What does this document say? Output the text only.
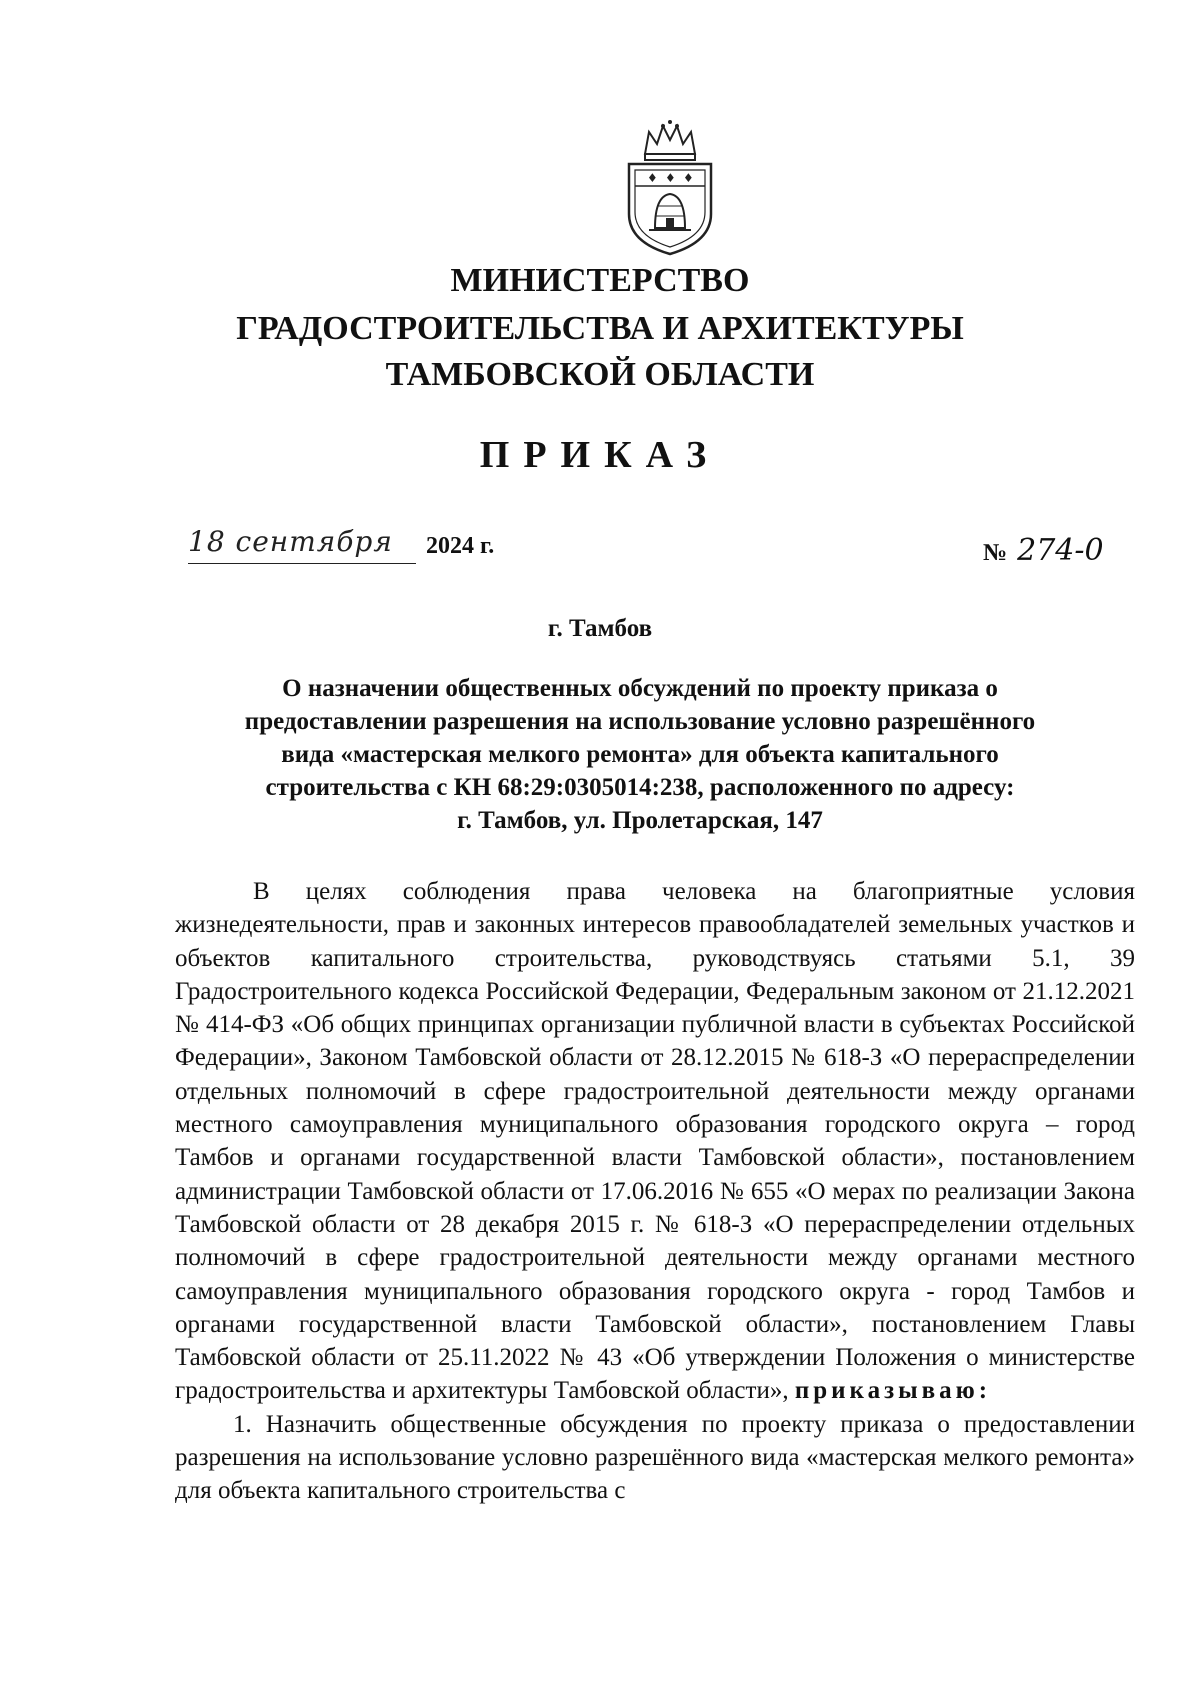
♦ ♦ ♦
МИНИСТЕРСТВО
ГРАДОСТРОИТЕЛЬСТВА И АРХИТЕКТУРЫ
ТАМБОВСКОЙ ОБЛАСТИ
ПРИКАЗ
18 сентября	2024 г.	№ 274-0
г. Тамбов
О назначении общественных обсуждений по проекту приказа о
предоставлении разрешения на использование условно разрешённого
вида «мастерская мелкого ремонта» для объекта капитального
строительства с КН 68:29:0305014:238, расположенного по адресу:
г. Тамбов, ул. Пролетарская, 147

В целях соблюдения права человека на благоприятные условия жизнедеятельности, прав и законных интересов правообладателей земельных участков и объектов капитального строительства, руководствуясь статьями 5.1, 39 Градостроительного кодекса Российской Федерации, Федеральным законом от 21.12.2021 № 414-ФЗ «Об общих принципах организации публичной власти в субъектах Российской Федерации», Законом Тамбовской области от 28.12.2015 № 618-З «О перераспределении отдельных полномочий в сфере градостроительной деятельности между органами местного самоуправления муниципального образования городского округа – город Тамбов и органами государственной власти Тамбовской области», постановлением администрации Тамбовской области от 17.06.2016 № 655 «О мерах по реализации Закона Тамбовской области от 28 декабря 2015 г. № 618-З «О перераспределении отдельных полномочий в сфере градостроительной деятельности между органами местного самоуправления муниципального образования городского округа - город Тамбов и органами государственной власти Тамбовской области», постановлением Главы Тамбовской области от 25.11.2022 № 43 «Об утверждении Положения о министерстве градостроительства и архитектуры Тамбовской области», приказываю:

1. Назначить общественные обсуждения по проекту приказа о предоставлении разрешения на использование условно разрешённого вида «мастерская мелкого ремонта» для объекта капитального строительства с
